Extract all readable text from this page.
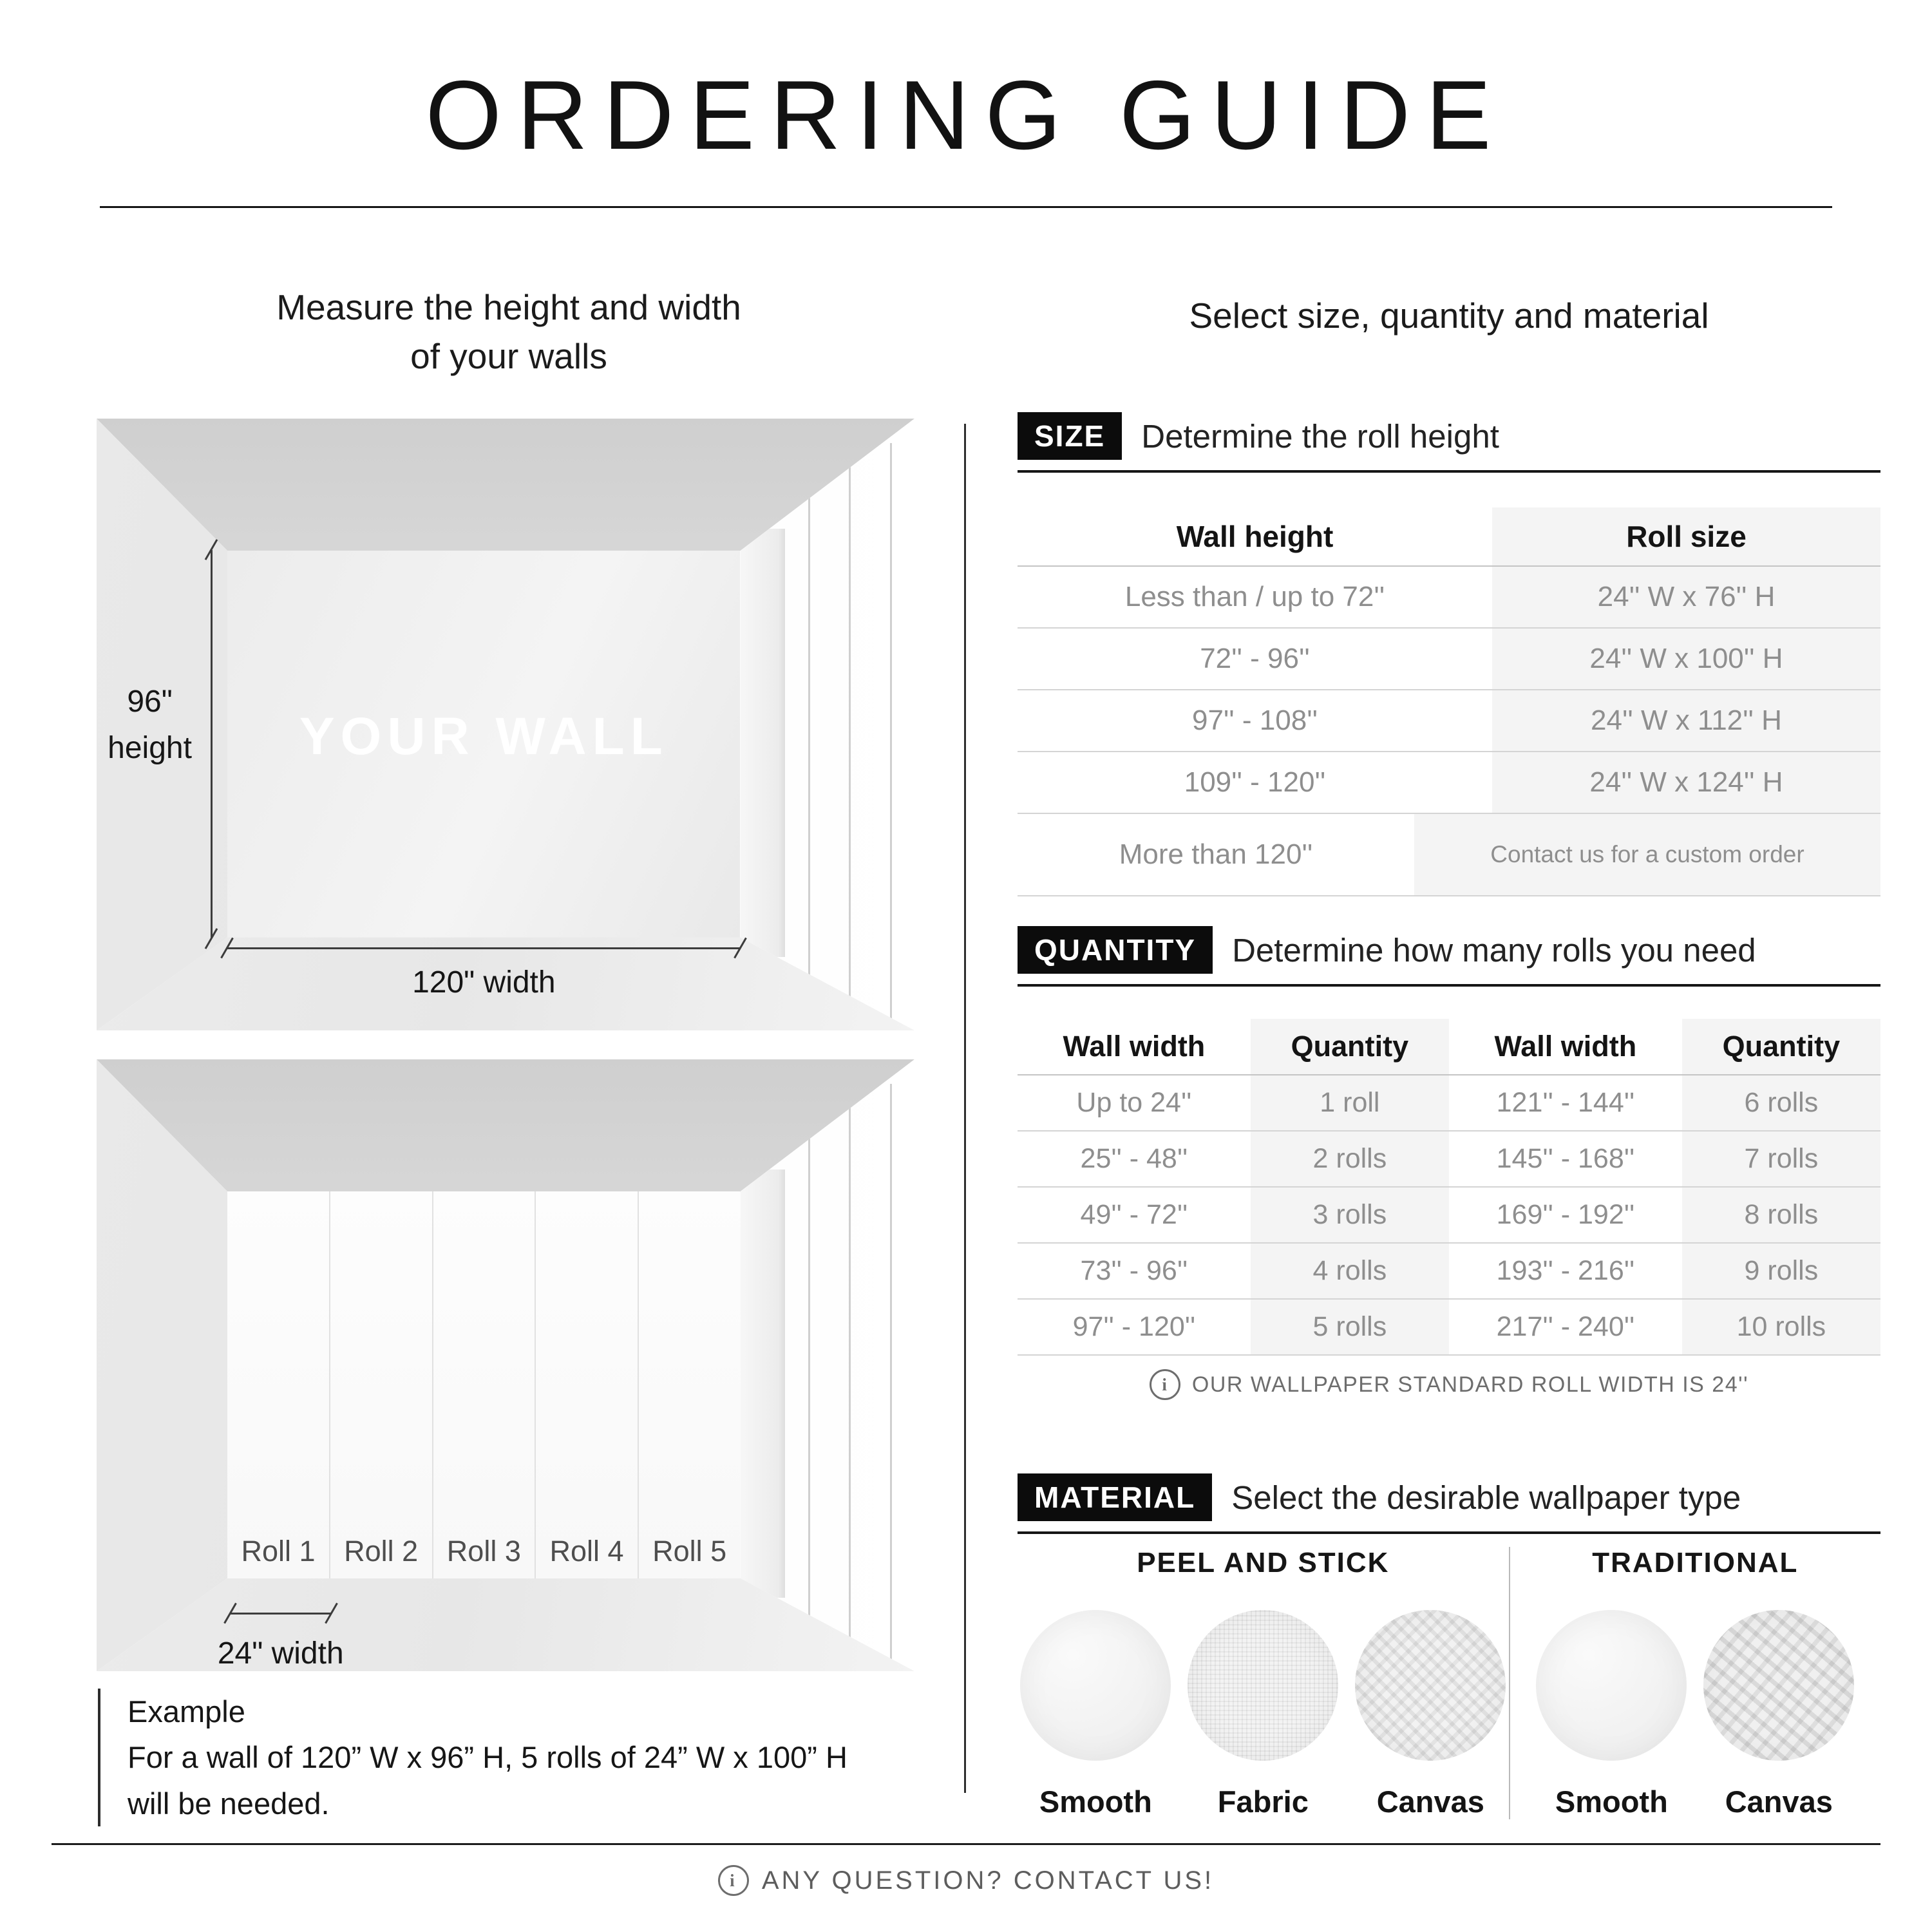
ORDERING GUIDE
Measure the height and width
of your walls
YOUR WALL
96"
height
120" width
Roll 1 Roll 2 Roll 3 Roll 4 Roll 5
24" width
Example
For a wall of 120” W x 96” H, 5 rolls of 24” W x 100” H
will be needed.
Select size, quantity and material
SIZE	Determine the roll height
Wall height	Roll size
Less than / up to 72''	24'' W x 76'' H
72'' - 96''	24'' W x 100'' H
97'' - 108''	24'' W x 112'' H
109'' - 120''	24'' W x 124'' H
More than 120''	Contact us for a custom order
QUANTITY	Determine how many rolls you need
Wall width	Quantity	Wall width	Quantity
Up to 24''	1 roll	121'' - 144''	6 rolls
25'' - 48''	2 rolls	145'' - 168''	7 rolls
49'' - 72''	3 rolls	169'' - 192''	8 rolls
73'' - 96''	4 rolls	193'' - 216''	9 rolls
97'' - 120''	5 rolls	217'' - 240''	10 rolls
i	OUR WALLPAPER STANDARD ROLL WIDTH IS 24''
MATERIAL	Select the desirable wallpaper type
PEEL AND STICK
Smooth Fabric Canvas
TRADITIONAL
Smooth Canvas
i ANY QUESTION? CONTACT US!
